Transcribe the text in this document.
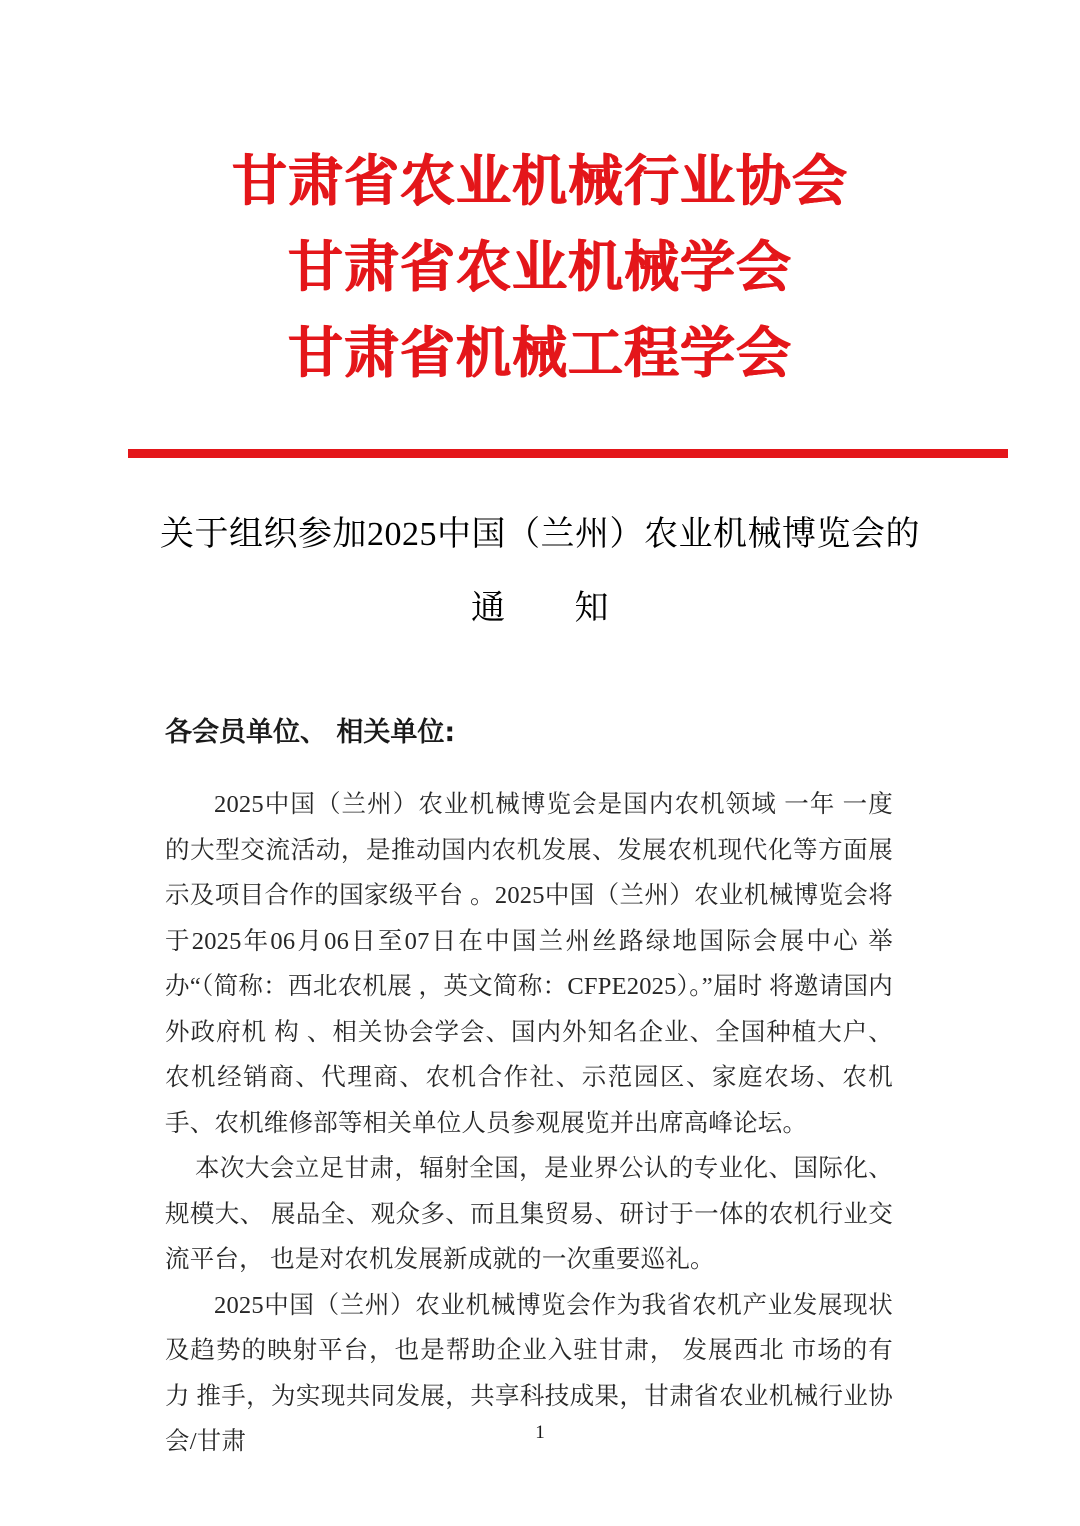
甘肃省农业机械行业协会
甘肃省农业机械学会
甘肃省机械工程学会
关于组织参加2025中国（兰州）农业机械博览会的
通　　知
各会员单位、 相关单位:

2025中国（兰州）农业机械博览会是国内农机领域 一年 一度的大型交流活动，是推动国内农机发展、发展农机现代化等方面展示及项目合作的国家级平台 。2025中国（兰州）农业机械博览会将于2025年06月06日至07日在中国兰州丝路绿地国际会展中心 举办“（简称：西北农机展 ，英文简称：CFPE2025）。”届时 将邀请国内外政府机 构 、相关协会学会、国内外知名企业、全国种植大户、农机经销商、代理商、农机合作社、示范园区、家庭农场、农机手、农机维修部等相关单位人员参观展览并出席高峰论坛。

本次大会立足甘肃，辐射全国，是业界公认的专业化、国际化、规模大、 展品全、观众多、而且集贸易、研讨于一体的农机行业交流平台， 也是对农机发展新成就的一次重要巡礼。

2025中国（兰州）农业机械博览会作为我省农机产业发展现状及趋势的映射平台，也是帮助企业入驻甘肃， 发展西北 市场的有力 推手，为实现共同发展，共享科技成果，甘肃省农业机械行业协会/甘肃	1
